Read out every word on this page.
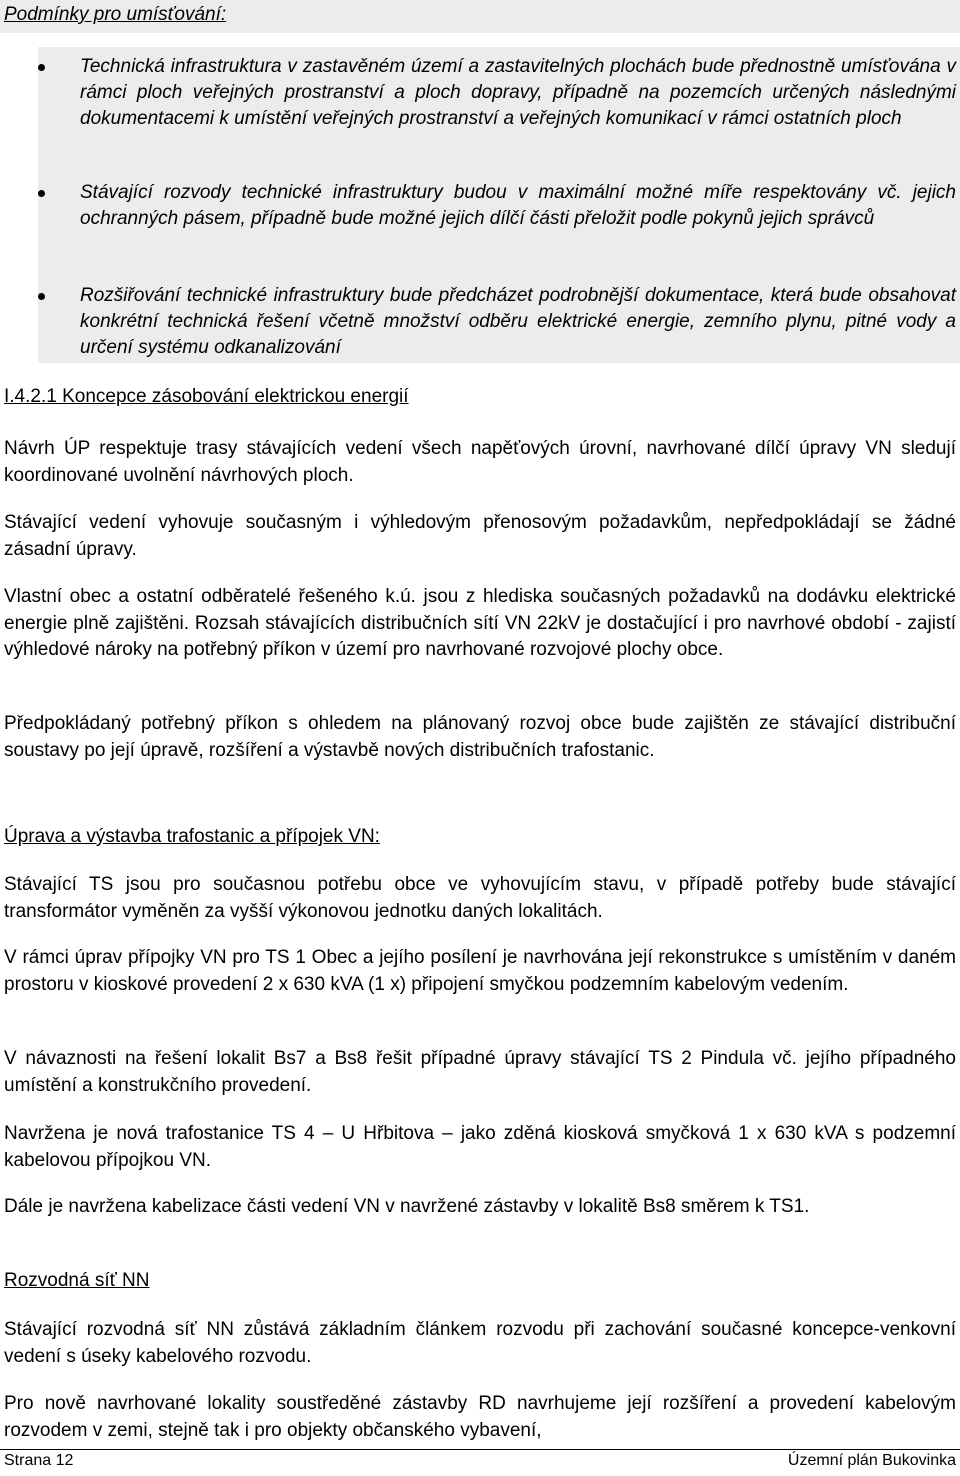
Podmínky pro umísťování:
Technická infrastruktura v zastavěném území a zastavitelných plochách bude přednostně umísťována v rámci ploch veřejných prostranství a ploch dopravy, případně na pozemcích určených následnými dokumentacemi k umístění veřejných prostranství a veřejných komunikací v rámci ostatních ploch
Stávající rozvody technické infrastruktury budou v maximální možné míře respektovány vč. jejich ochranných pásem, případně bude možné jejich dílčí části přeložit podle pokynů jejich správců
Rozšiřování technické infrastruktury bude předcházet podrobnější dokumentace, která bude obsahovat konkrétní technická řešení včetně množství odběru elektrické energie, zemního plynu, pitné vody a určení systému odkanalizování
I.4.2.1 Koncepce zásobování elektrickou energií
Návrh ÚP respektuje trasy stávajících vedení všech napěťových úrovní, navrhované dílčí úpravy VN sledují koordinované uvolnění návrhových ploch.
Stávající vedení vyhovuje současným i výhledovým přenosovým požadavkům, nepředpokládají se žádné zásadní úpravy.
Vlastní obec a ostatní odběratelé řešeného k.ú. jsou z hlediska současných požadavků na dodávku elektrické energie plně zajištěni. Rozsah stávajících distribučních sítí VN 22kV je dostačující i pro navrhové období - zajistí výhledové nároky na potřebný příkon v území pro navrhované rozvojové plochy obce.
Předpokládaný potřebný příkon s ohledem na plánovaný rozvoj obce bude zajištěn ze stávající distribuční soustavy po její úpravě, rozšíření a výstavbě nových distribučních trafostanic.
Úprava a výstavba trafostanic a přípojek VN:
Stávající TS jsou pro současnou potřebu obce ve vyhovujícím stavu, v případě potřeby bude stávající transformátor vyměněn za vyšší výkonovou jednotku daných lokalitách.
V rámci úprav přípojky VN pro TS 1 Obec a jejího posílení je navrhována její rekonstrukce s umístěním v daném prostoru v kioskové provedení 2 x 630 kVA (1 x) připojení smyčkou podzemním kabelovým vedením.
V návaznosti na řešení lokalit Bs7 a Bs8 řešit případné úpravy stávající TS 2 Pindula vč. jejího případného umístění a konstrukčního provedení.
Navržena je nová trafostanice TS 4 – U Hřbitova – jako zděná kiosková smyčková 1 x 630 kVA s podzemní kabelovou přípojkou VN.
Dále je navržena kabelizace části vedení VN v navržené zástavby v lokalitě Bs8 směrem k TS1.
Rozvodná síť NN
Stávající rozvodná síť NN zůstává základním článkem rozvodu při zachování současné koncepce-venkovní vedení s úseky kabelového rozvodu.
Pro nově navrhované lokality soustředěné zástavby RD navrhujeme její rozšíření a provedení kabelovým rozvodem v zemi, stejně tak i pro objekty občanského vybavení,
Strana 12	Územní plán Bukovinka
